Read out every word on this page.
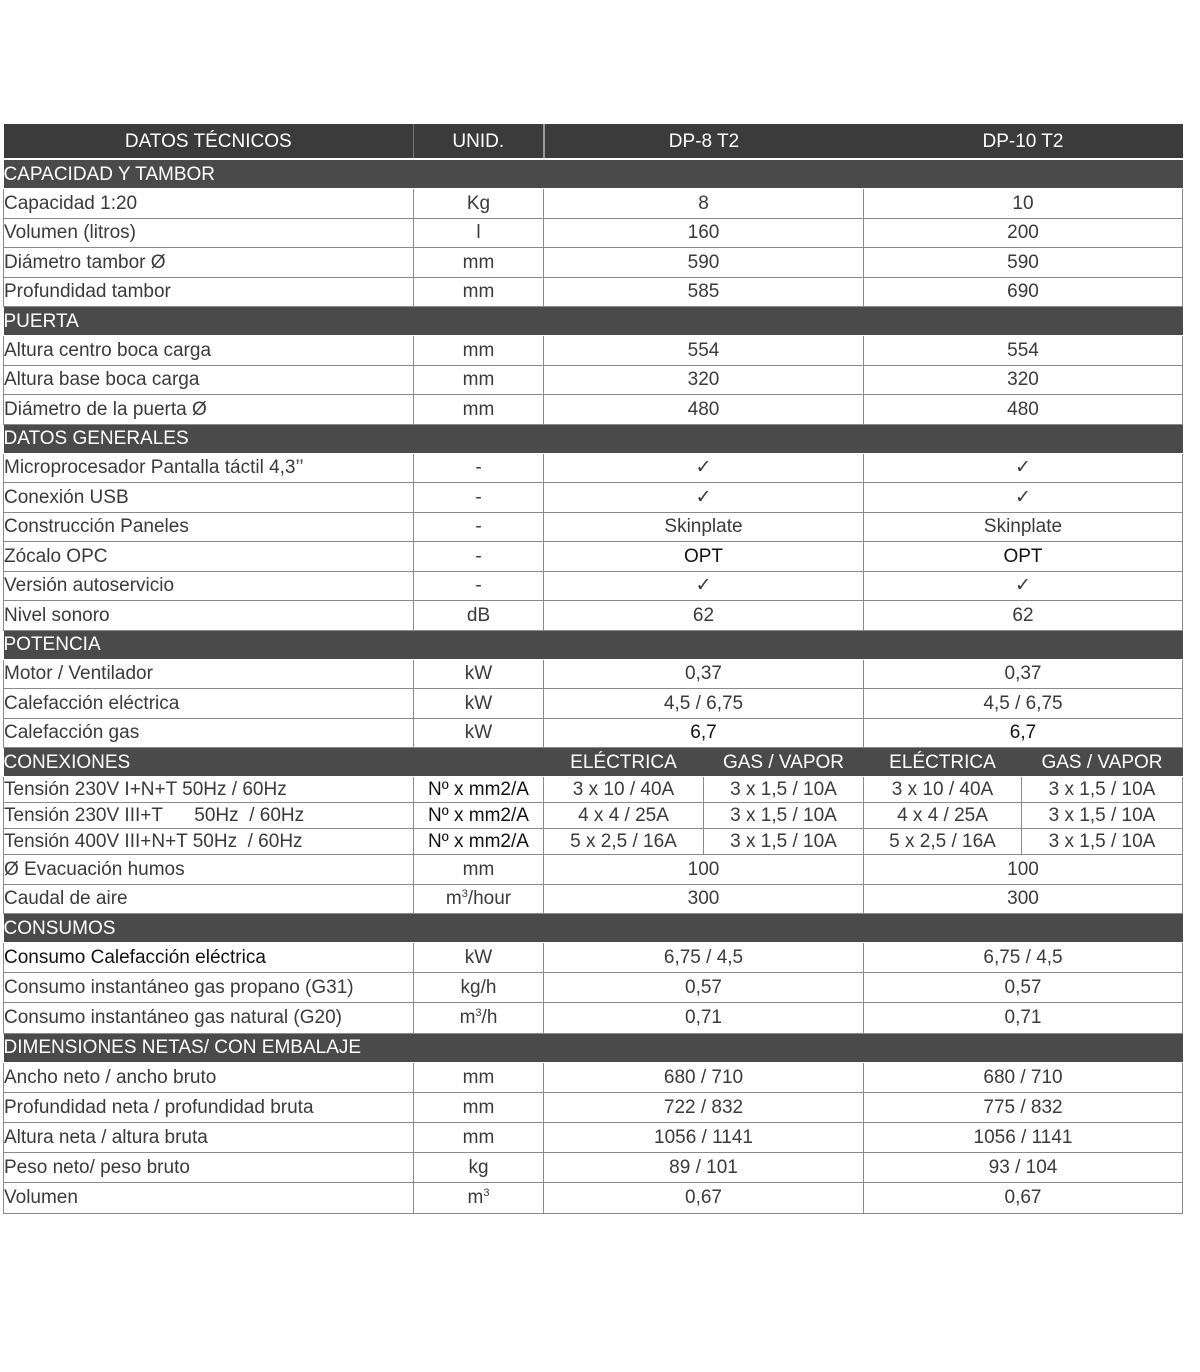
DATOS TÉCNICOS	UNID.	DP-8 T2		DP-10 T2	
CAPACIDAD Y TAMBOR					
Capacidad 1:20	Kg	8		10	
Volumen (litros)	l	160		200	
Diámetro tambor Ø	mm	590		590	
Profundidad tambor	mm	585		690	
PUERTA					
Altura centro boca carga	mm	554		554	
Altura base boca carga	mm	320		320	
Diámetro de la puerta Ø	mm	480		480	
DATOS GENERALES					
Microprocesador Pantalla táctil 4,3’’	-	✓		✓	
Conexión USB	-	✓		✓	
Construcción Paneles	-	Skinplate		Skinplate	
Zócalo OPC	-	OPT		OPT	
Versión autoservicio	-	✓		✓	
Nivel sonoro	dB	62		62	
POTENCIA					
Motor / Ventilador	kW	0,37		0,37	
Calefacción eléctrica	kW	4,5 / 6,75		4,5 / 6,75	
Calefacción gas	kW	6,7		6,7	
CONEXIONES		ELÉCTRICA	GAS / VAPOR	ELÉCTRICA	GAS / VAPOR
Tensión 230V I+N+T 50Hz / 60Hz	Nº x mm2/A	3 x 10 / 40A	3 x 1,5 / 10A	3 x 10 / 40A	3 x 1,5 / 10A
Tensión 230V III+T      50Hz  / 60Hz	Nº x mm2/A	4 x 4 / 25A	3 x 1,5 / 10A	4 x 4 / 25A	3 x 1,5 / 10A
Tensión 400V III+N+T 50Hz  / 60Hz	Nº x mm2/A	5 x 2,5 / 16A	3 x 1,5 / 10A	5 x 2,5 / 16A	3 x 1,5 / 10A
Ø Evacuación humos	mm	100		100	
Caudal de aire	$m^3$/hour	300		300	
CONSUMOS					
Consumo Calefacción eléctrica	kW	6,75 / 4,5		6,75 / 4,5	
Consumo instantáneo gas propano (G31)	kg/h	0,57		0,57	
Consumo instantáneo gas natural (G20)	$m^3/h$	0,71		0,71	
DIMENSIONES NETAS/ CON EMBALAJE					
Ancho neto / ancho bruto	mm	680 / 710		680 / 710	
Profundidad neta / profundidad bruta	mm	722 / 832		775 / 832	
Altura neta / altura bruta	mm	1056 / 1141		1056 / 1141	
Peso neto/ peso bruto	kg	89 / 101		93 / 104	
Volumen	$m^3$	0,67		0,67	
